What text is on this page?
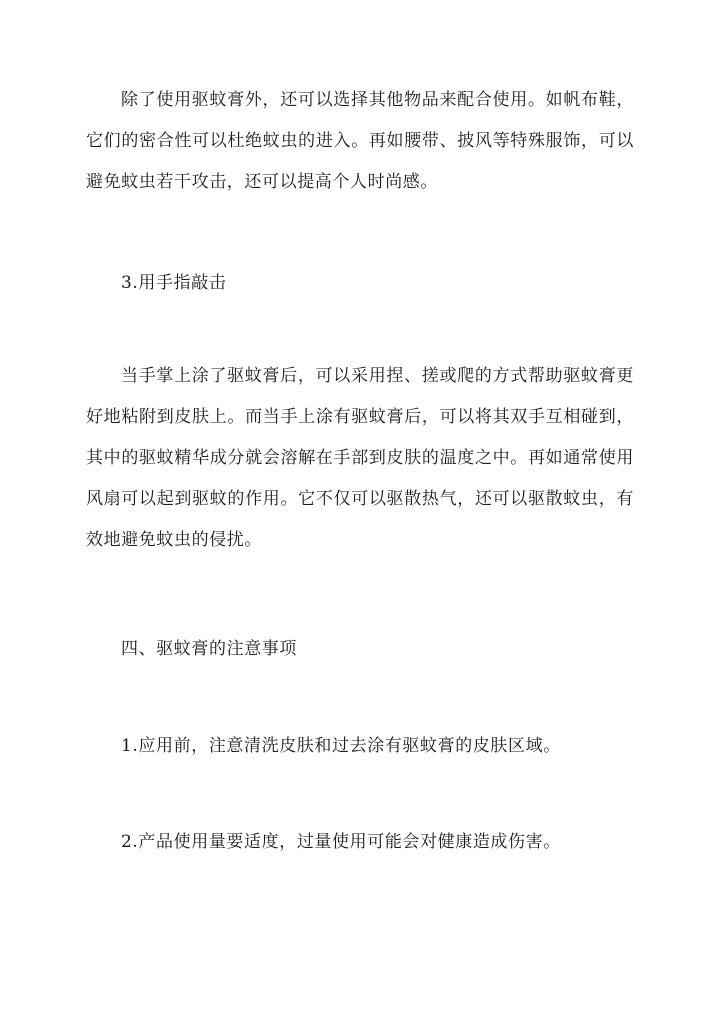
除了使用驱蚊膏外，还可以选择其他物品来配合使用。如帆布鞋，它们的密合性可以杜绝蚊虫的进入。再如腰带、披风等特殊服饰，可以避免蚊虫若干攻击，还可以提高个人时尚感。

3.用手指敲击

当手掌上涂了驱蚊膏后，可以采用捏、搓或爬的方式帮助驱蚊膏更好地粘附到皮肤上。而当手上涂有驱蚊膏后，可以将其双手互相碰到，其中的驱蚊精华成分就会溶解在手部到皮肤的温度之中。再如通常使用风扇可以起到驱蚊的作用。它不仅可以驱散热气，还可以驱散蚊虫，有效地避免蚊虫的侵扰。

四、驱蚊膏的注意事项

1.应用前，注意清洗皮肤和过去涂有驱蚊膏的皮肤区域。

2.产品使用量要适度，过量使用可能会对健康造成伤害。
